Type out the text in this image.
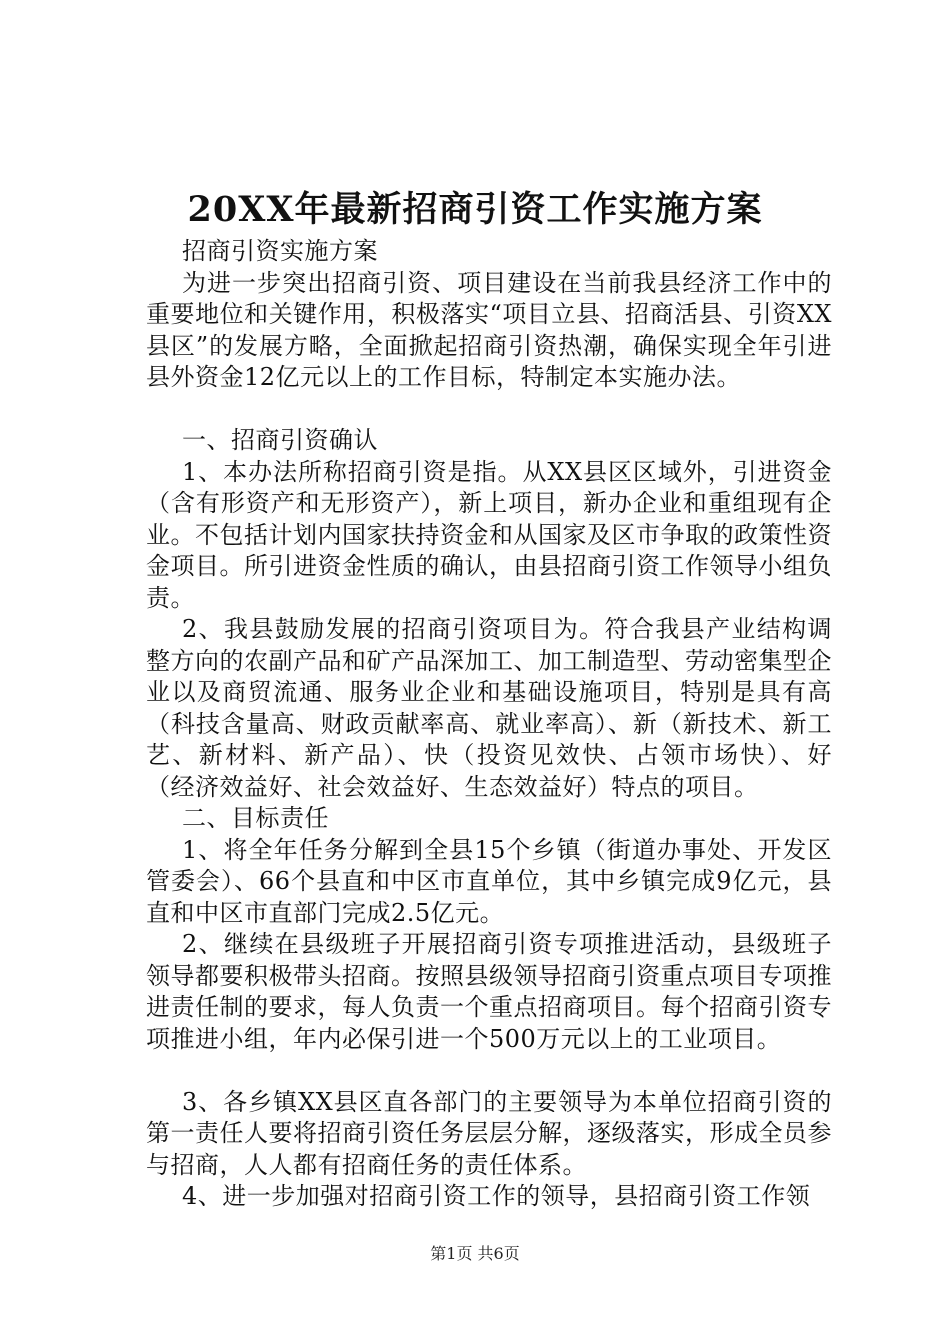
20XX年最新招商引资工作实施方案

招商引资实施方案

为进一步突出招商引资、项目建设在当前我县经济工作中的重要地位和关键作用，积极落实“项目立县、招商活县、引资XX县区”的发展方略，全面掀起招商引资热潮，确保实现全年引进县外资金12亿元以上的工作目标，特制定本实施办法。

一、招商引资确认

1、本办法所称招商引资是指。从XX县区区域外，引进资金（含有形资产和无形资产），新上项目，新办企业和重组现有企业。不包括计划内国家扶持资金和从国家及区市争取的政策性资金项目。所引进资金性质的确认，由县招商引资工作领导小组负责。

2、我县鼓励发展的招商引资项目为。符合我县产业结构调整方向的农副产品和矿产品深加工、加工制造型、劳动密集型企业以及商贸流通、服务业企业和基础设施项目，特别是具有高（科技含量高、财政贡献率高、就业率高）、新（新技术、新工艺、新材料、新产品）、快（投资见效快、占领市场快）、好（经济效益好、社会效益好、生态效益好）特点的项目。

二、目标责任

1、将全年任务分解到全县15个乡镇（街道办事处、开发区管委会）、66个县直和中区市直单位，其中乡镇完成9亿元，县直和中区市直部门完成2.5亿元。

2、继续在县级班子开展招商引资专项推进活动，县级班子领导都要积极带头招商。按照县级领导招商引资重点项目专项推进责任制的要求，每人负责一个重点招商项目。每个招商引资专项推进小组，年内必保引进一个500万元以上的工业项目。

3、各乡镇XX县区直各部门的主要领导为本单位招商引资的第一责任人要将招商引资任务层层分解，逐级落实，形成全员参与招商，人人都有招商任务的责任体系。

4、进一步加强对招商引资工作的领导，县招商引资工作领

第1页 共6页
